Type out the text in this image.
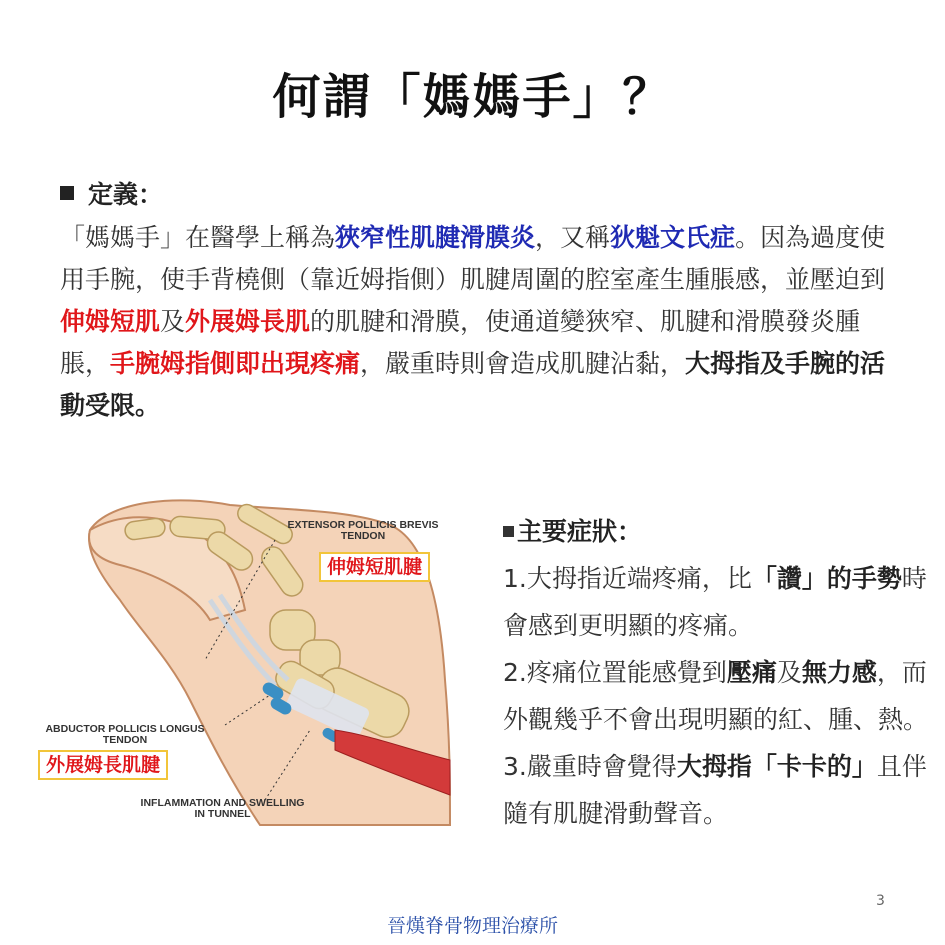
何謂「媽媽手」？
定義：
「媽媽手」在醫學上稱為狹窄性肌腱滑膜炎，又稱狄魁文氏症。因為過度使用手腕，使手背橈側（靠近姆指側）肌腱周圍的腔室產生腫脹感，並壓迫到伸姆短肌及外展姆長肌的肌腱和滑膜，使通道變狹窄、肌腱和滑膜發炎腫脹，手腕姆指側即出現疼痛，嚴重時則會造成肌腱沾黏，大拇指及手腕的活動受限。
EXTENSOR POLLICIS BREVIS
TENDON
伸姆短肌腱
ABDUCTOR POLLICIS LONGUS
TENDON
外展姆長肌腱
INFLAMMATION AND SWELLING
IN TUNNEL
主要症狀：
1.大拇指近端疼痛，比「讚」的手勢時會感到更明顯的疼痛。
2.疼痛位置能感覺到壓痛及無力感，而外觀幾乎不會出現明顯的紅、腫、熱。
3.嚴重時會覺得大拇指「卡卡的」且伴隨有肌腱滑動聲音。
3
晉熯脊骨物理治療所
